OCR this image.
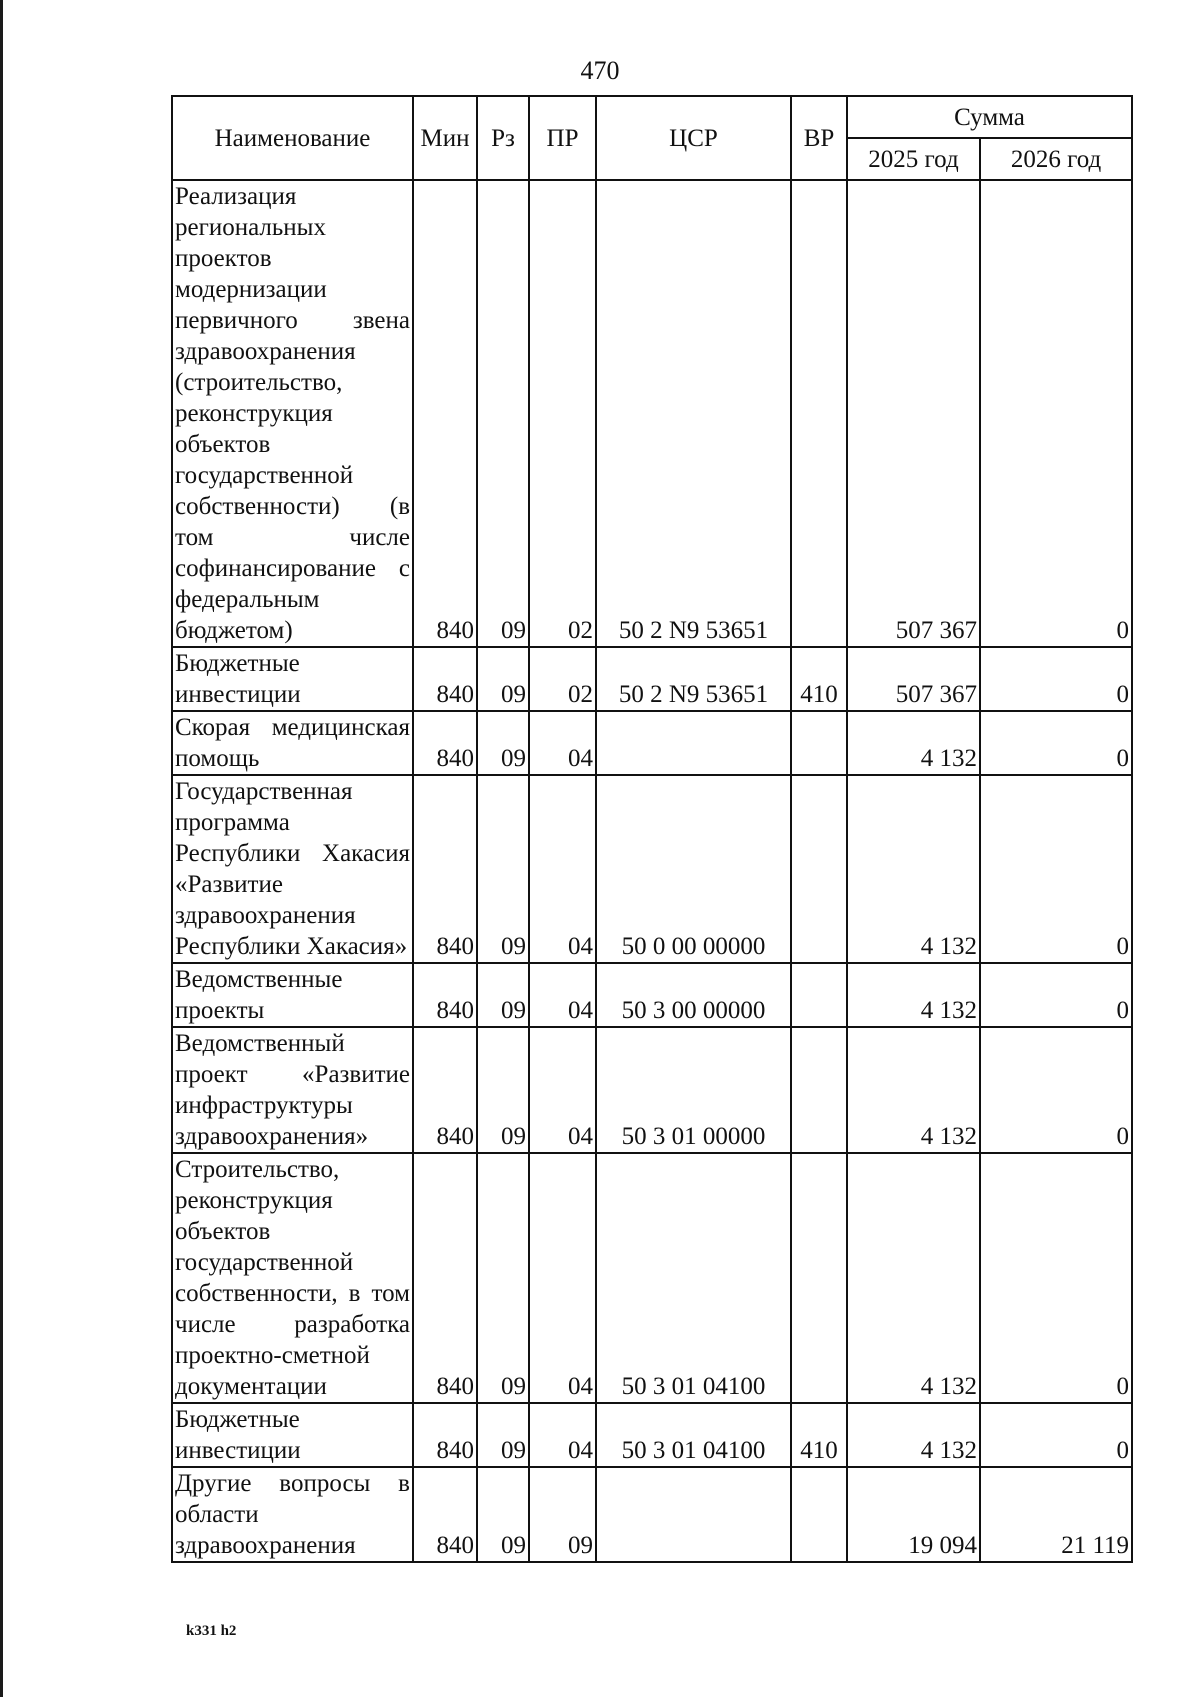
470
Наименование	Мин	Рз	ПР	ЦСР	ВР	Сумма	
						2025 год	2026 год
Реализация региональных проектов модернизации первичного звена здравоохранения (строительство, реконструкция объектов государственной собственности) (в том числе софинансирование с федеральным бюджетом)	840	09	02	50 2 N9 53651		507 367	0
Бюджетные инвестиции	840	09	02	50 2 N9 53651	410	507 367	0
Скорая медицинская помощь	840	09	04			4 132	0
Государственная программа Республики Хакасия «Развитие здравоохранения Республики Хакасия»	840	09	04	50 0 00 00000		4 132	0
Ведомственные проекты	840	09	04	50 3 00 00000		4 132	0
Ведомственный проект «Развитие инфраструктуры здравоохранения»	840	09	04	50 3 01 00000		4 132	0
Строительство, реконструкция объектов государственной собственности, в том числе разработка проектно-сметной документации	840	09	04	50 3 01 04100		4 132	0
Бюджетные инвестиции	840	09	04	50 3 01 04100	410	4 132	0
Другие вопросы в области здравоохранения	840	09	09			19 094	21 119
k331 h2
